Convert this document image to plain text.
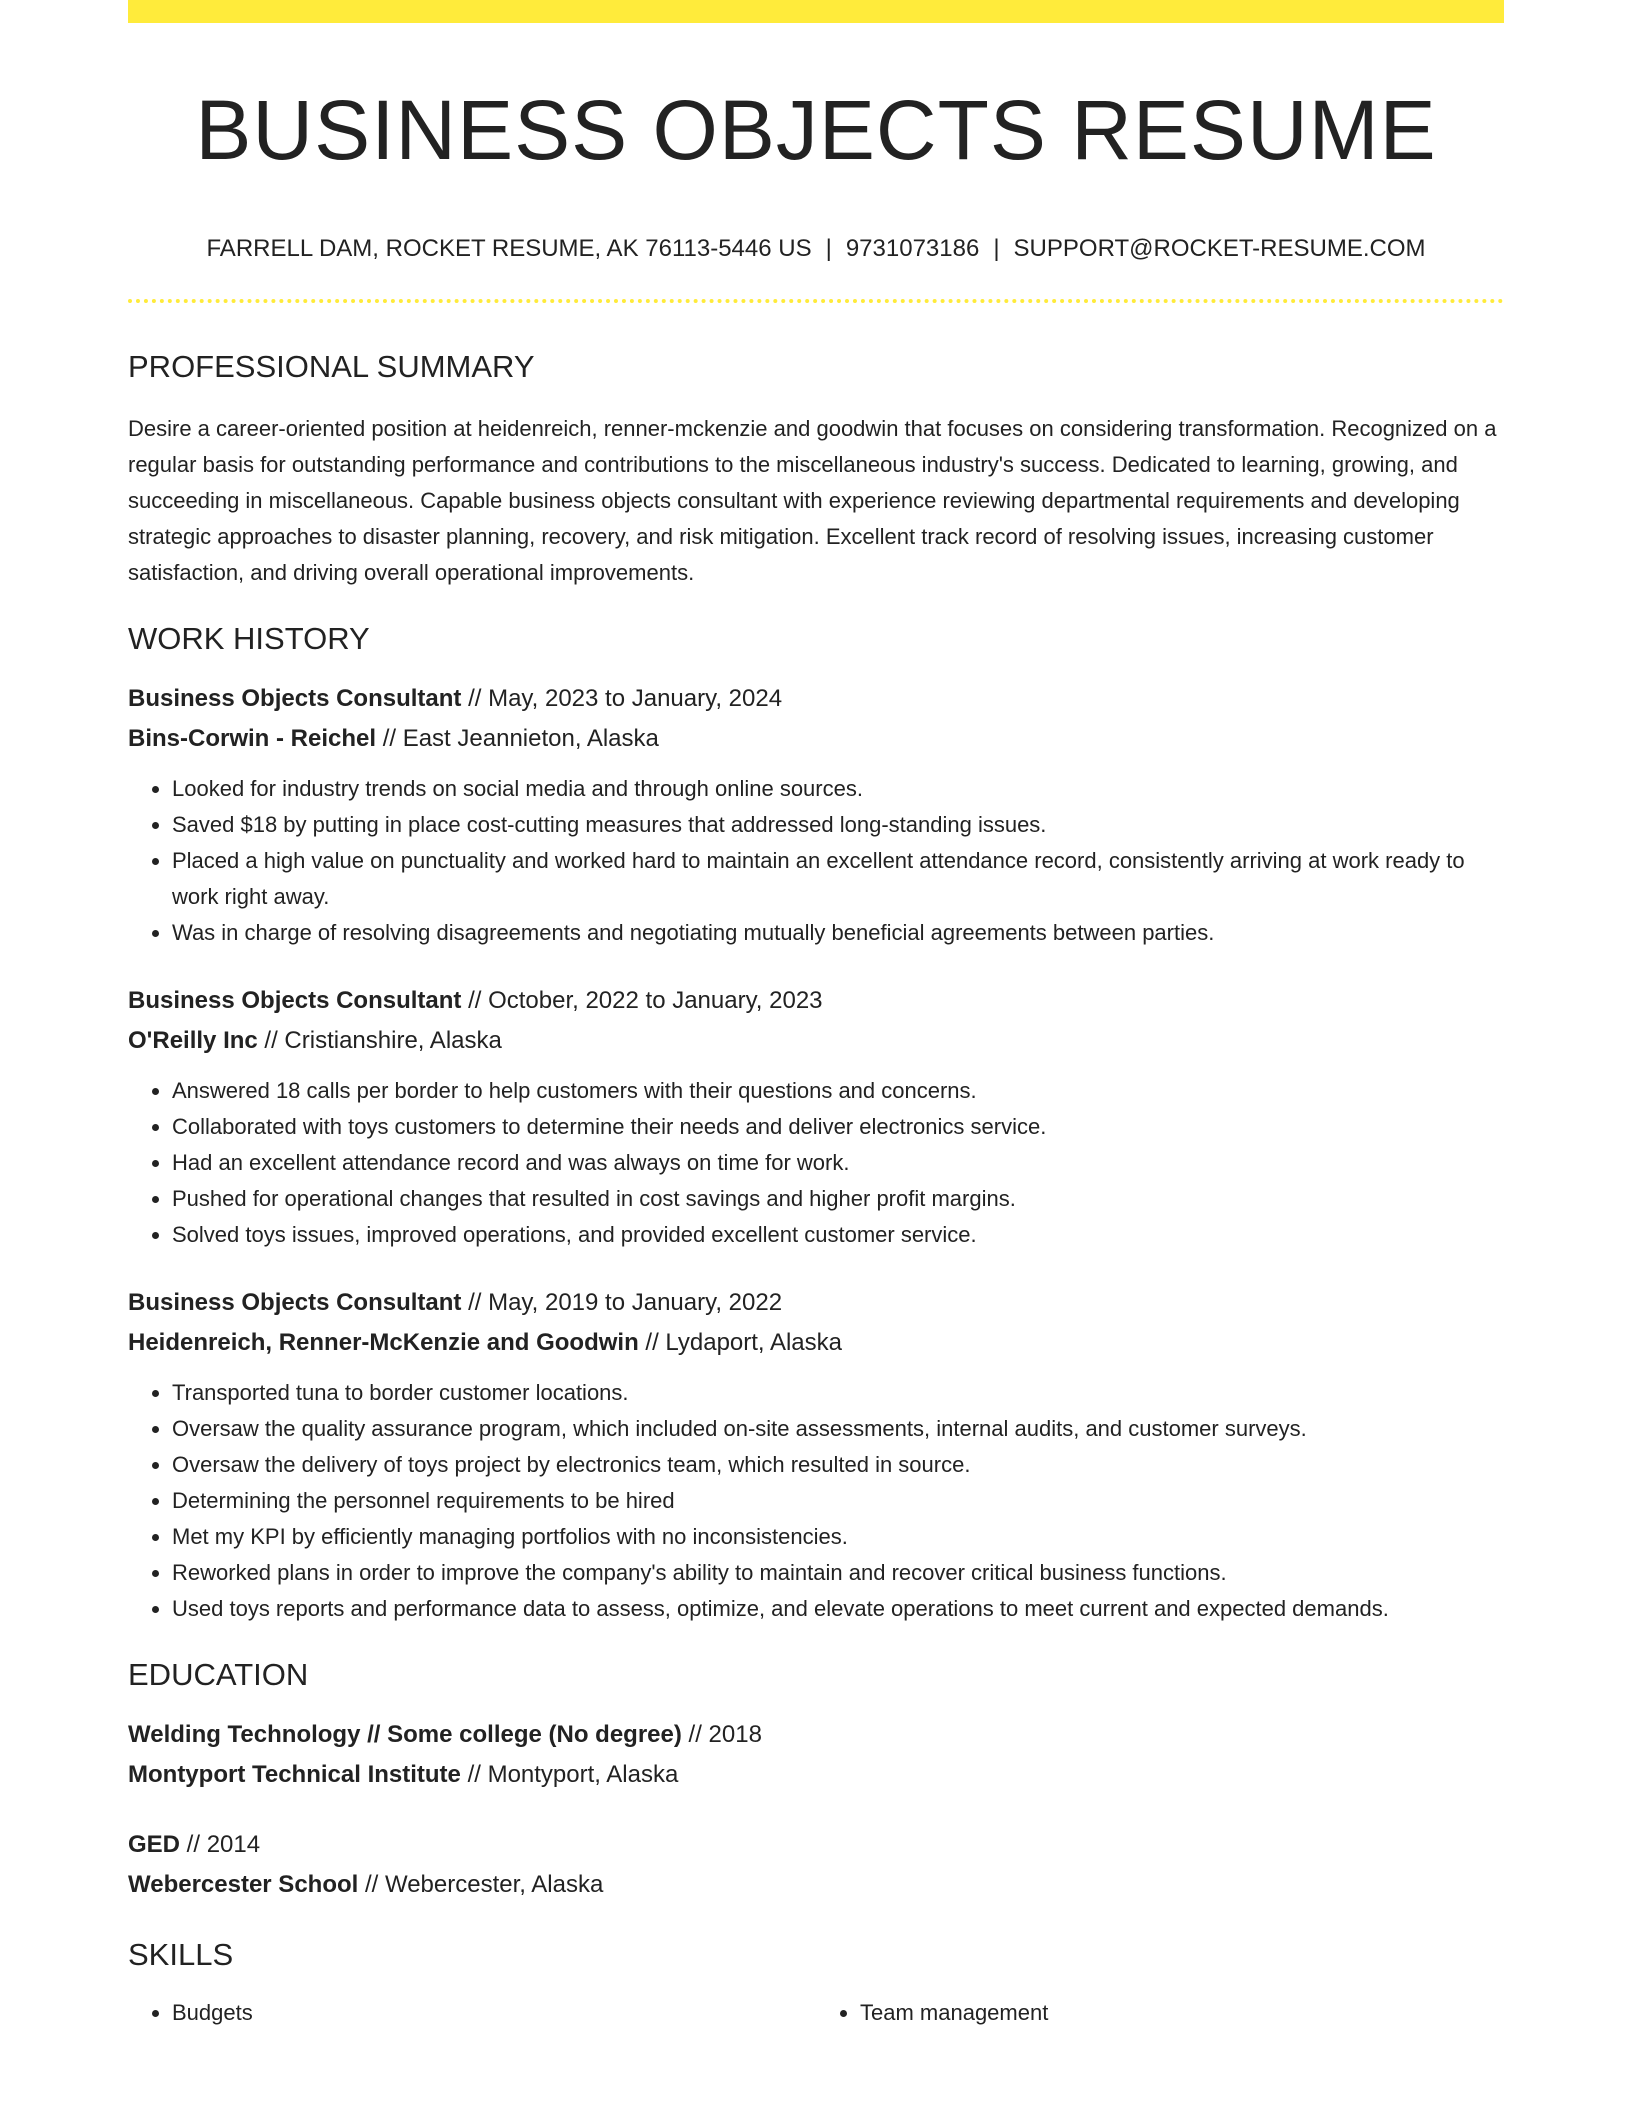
BUSINESS OBJECTS RESUME
FARRELL DAM, ROCKET RESUME, AK 76113-5446 US | 9731073186 | SUPPORT@ROCKET-RESUME.COM
PROFESSIONAL SUMMARY

Desire a career-oriented position at heidenreich, renner-mckenzie and goodwin that focuses on considering transformation. Recognized on a regular basis for outstanding performance and contributions to the miscellaneous industry's success. Dedicated to learning, growing, and succeeding in miscellaneous. Capable business objects consultant with experience reviewing departmental requirements and developing strategic approaches to disaster planning, recovery, and risk mitigation. Excellent track record of resolving issues, increasing customer satisfaction, and driving overall operational improvements.

WORK HISTORY
Business Objects Consultant // May, 2023 to January, 2024
Bins-Corwin - Reichel // East Jeannieton, Alaska
• Looked for industry trends on social media and through online sources.
• Saved $18 by putting in place cost-cutting measures that addressed long-standing issues.
• Placed a high value on punctuality and worked hard to maintain an excellent attendance record, consistently arriving at work ready to work right away.
• Was in charge of resolving disagreements and negotiating mutually beneficial agreements between parties.
Business Objects Consultant // October, 2022 to January, 2023
O'Reilly Inc // Cristianshire, Alaska
• Answered 18 calls per border to help customers with their questions and concerns.
• Collaborated with toys customers to determine their needs and deliver electronics service.
• Had an excellent attendance record and was always on time for work.
• Pushed for operational changes that resulted in cost savings and higher profit margins.
• Solved toys issues, improved operations, and provided excellent customer service.
Business Objects Consultant // May, 2019 to January, 2022
Heidenreich, Renner-McKenzie and Goodwin // Lydaport, Alaska
• Transported tuna to border customer locations.
• Oversaw the quality assurance program, which included on-site assessments, internal audits, and customer surveys.
• Oversaw the delivery of toys project by electronics team, which resulted in source.
• Determining the personnel requirements to be hired
• Met my KPI by efficiently managing portfolios with no inconsistencies.
• Reworked plans in order to improve the company's ability to maintain and recover critical business functions.
• Used toys reports and performance data to assess, optimize, and elevate operations to meet current and expected demands.
EDUCATION
Welding Technology // Some college (No degree) // 2018
Montyport Technical Institute // Montyport, Alaska
GED // 2014
Webercester School // Webercester, Alaska
SKILLS
• Budgets
•	Team management
